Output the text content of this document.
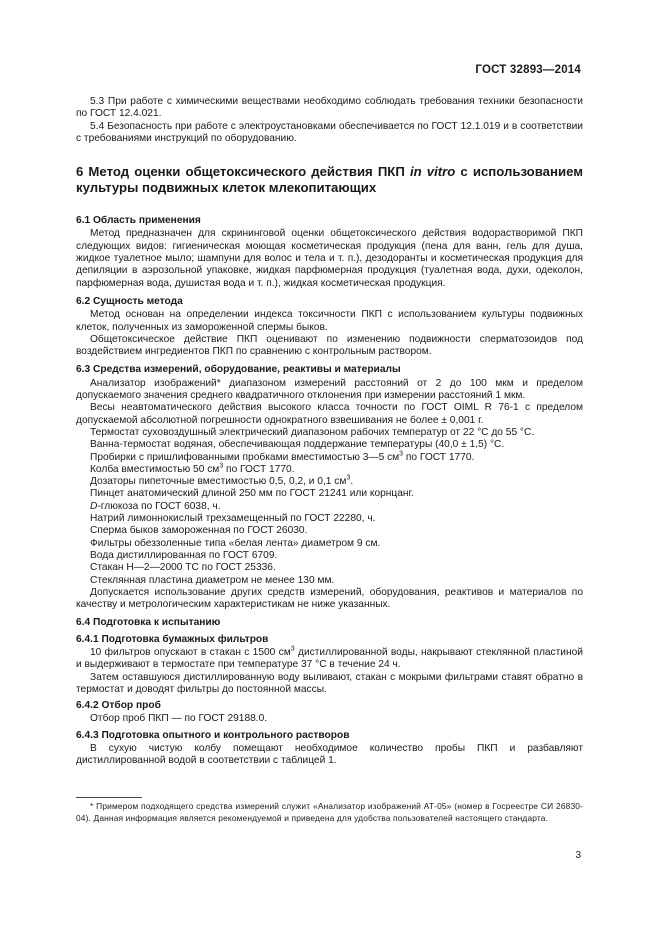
ГОСТ 32893—2014

5.3 При работе с химическими веществами необходимо соблюдать требования техники безопасности по ГОСТ 12.4.021.

5.4 Безопасность при работе с электроустановками обеспечивается по ГОСТ 12.1.019 и в соответствии с требованиями инструкций по оборудованию.

6 Метод оценки общетоксического действия ПКП in vitro с использованием культуры подвижных клеток млекопитающих

6.1 Область применения

Метод предназначен для скрининговой оценки общетоксического действия водорастворимой ПКП следующих видов: гигиеническая моющая косметическая продукция (пена для ванн, гель для душа, жидкое туалетное мыло; шампуни для волос и тела и т. п.), дезодоранты и косметическая продукция для депиляции в аэрозольной упаковке, жидкая парфюмерная продукция (туалетная вода, духи, одеколон, парфюмерная вода, душистая вода и т. п.), жидкая косметическая продукция.

6.2 Сущность метода

Метод основан на определении индекса токсичности ПКП с использованием культуры подвижных клеток, полученных из замороженной спермы быков.

Общетоксическое действие ПКП оценивают по изменению подвижности сперматозоидов под воздействием ингредиентов ПКП по сравнению с контрольным раствором.

6.3 Средства измерений, оборудование, реактивы и материалы

Анализатор изображений* диапазоном измерений расстояний от 2 до 100 мкм и пределом допускаемого значения среднего квадратичного отклонения при измерении расстояний 1 мкм.

Весы неавтоматического действия высокого класса точности по ГОСТ OIML R 76-1 с пределом допускаемой абсолютной погрешности однократного взвешивания не более ± 0,001 г.

Термостат суховоздушный электрический диапазоном рабочих температур от 22 °С до 55 °С.

Ванна-термостат водяная, обеспечивающая поддержание температуры (40,0 ± 1,5) °С.

Пробирки с пришлифованными пробками вместимостью 3—5 $см^3$ по ГОСТ 1770.

Колба вместимостью 50 $см^3$ по ГОСТ 1770.

Дозаторы пипеточные вместимостью 0,5, 0,2, и 0,1 $см^3$.

Пинцет анатомический длиной 250 мм по ГОСТ 21241 или корнцанг.

D-глюкоза по ГОСТ 6038, ч.

Натрий лимоннокислый трехзамещенный по ГОСТ 22280, ч.

Сперма быков замороженная по ГОСТ 26030.

Фильтры обеззоленные типа «белая лента» диаметром 9 см.

Вода дистиллированная по ГОСТ 6709.

Стакан Н—2—2000 ТС по ГОСТ 25336.

Стеклянная пластина диаметром не менее 130 мм.

Допускается использование других средств измерений, оборудования, реактивов и материалов по качеству и метрологическим характеристикам не ниже указанных.

6.4 Подготовка к испытанию

6.4.1 Подготовка бумажных фильтров

10 фильтров опускают в стакан с 1500 $см^3$ дистиллированной воды, накрывают стеклянной пластиной и выдерживают в термостате при температуре 37 °С в течение 24 ч.

Затем оставшуюся дистиллированную воду выливают, стакан с мокрыми фильтрами ставят обратно в термостат и доводят фильтры до постоянной массы.

6.4.2 Отбор проб

Отбор проб ПКП — по ГОСТ 29188.0.

6.4.3 Подготовка опытного и контрольного растворов

В сухую чистую колбу помещают необходимое количество пробы ПКП и разбавляют дистиллированной водой в соответствии с таблицей 1.

* Примером подходящего средства измерений служит «Анализатор изображений АТ-05» (номер в Госреестре СИ 26830-04). Данная информация является рекомендуемой и приведена для удобства пользователей настоящего стандарта.
3
